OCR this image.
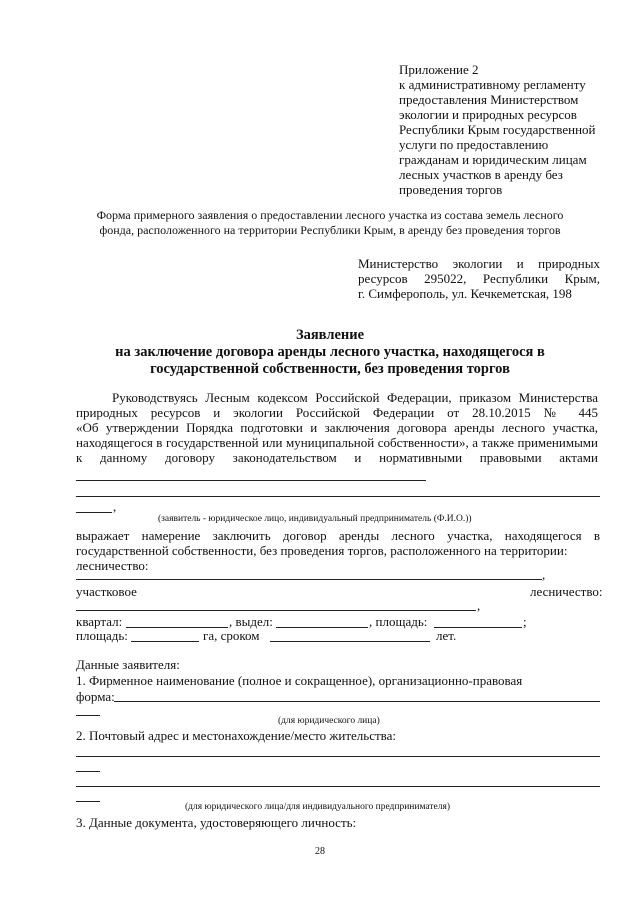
Приложение 2
к административному регламенту
предоставления Министерством
экологии и природных ресурсов
Республики Крым государственной
услуги по предоставлению
гражданам и юридическим лицам
лесных участков в аренду без
проведения торгов
Форма примерного заявления о предоставлении лесного участка из состава земель лесного
фонда, расположенного на территории Республики Крым, в аренду без проведения торгов
Министерство экологии и природных
ресурсов 295022, Республики Крым,
г. Симферополь, ул. Кечкеметская, 198
Заявление
на заключение договора аренды лесного участка, находящегося в
государственной собственности, без проведения торгов
Руководствуясь Лесным кодексом Российской Федерации, приказом Министерства
природных ресурсов и экологии Российской Федерации от 28.10.2015 № 445
«Об утверждении Порядка подготовки и заключения договора аренды лесного участка,
находящегося в государственной или муниципальной собственности», а также применимыми
к данному договору законодательством и нормативными правовыми актами
,
(заявитель - юридическое лицо, индивидуальный предприниматель (Ф.И.О.))
выражает намерение заключить договор аренды лесного участка, находящегося в
государственной собственности, без проведения торгов, расположенного на территории:
лесничество:
,
участковое	лесничество:
,
квартал:	, выдел:	, площадь:	;
площадь:	га, сроком	лет.
Данные заявителя:
1. Фирменное наименование (полное и сокращенное), организационно-правовая
форма:
(для юридического лица)
2. Почтовый адрес и местонахождение/место жительства:
(для юридического лица/для индивидуального предпринимателя)
3. Данные документа, удостоверяющего личность:
28
